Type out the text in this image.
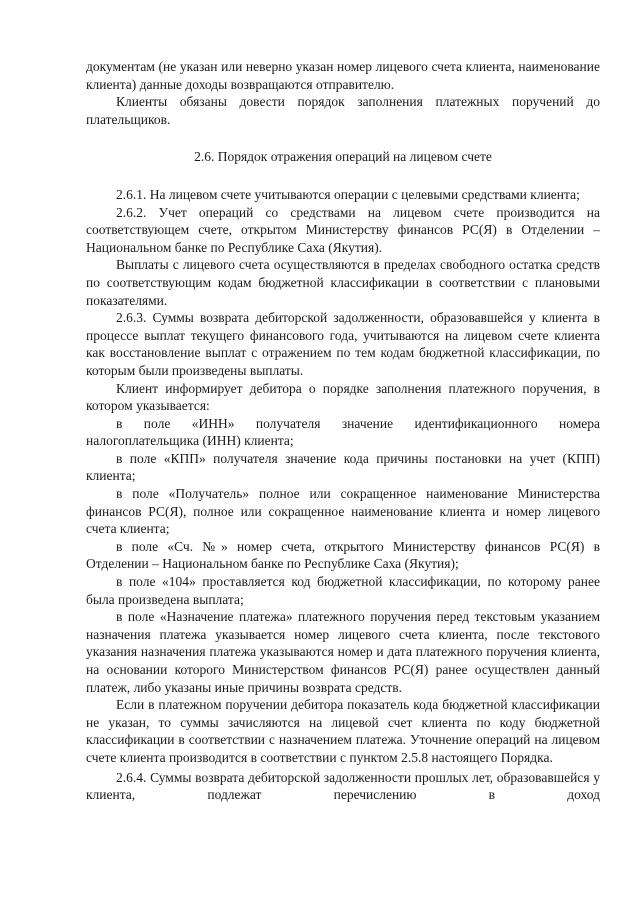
документам (не указан или неверно указан номер лицевого счета клиента, наименование клиента) данные доходы возвращаются отправителю.

Клиенты обязаны довести порядок заполнения платежных поручений до плательщиков.

2.6. Порядок отражения операций на лицевом счете

2.6.1. На лицевом счете учитываются операции с целевыми средствами клиента;

2.6.2. Учет операций со средствами на лицевом счете производится на соответствующем счете, открытом Министерству финансов РС(Я) в Отделении – Национальном банке по Республике Саха (Якутия).

Выплаты с лицевого счета осуществляются в пределах свободного остатка средств по соответствующим кодам бюджетной классификации в соответствии с плановыми показателями.

2.6.3. Суммы возврата дебиторской задолженности, образовавшейся у клиента в процессе выплат текущего финансового года, учитываются на лицевом счете клиента как восстановление выплат с отражением по тем кодам бюджетной классификации, по которым были произведены выплаты.

Клиент информирует дебитора о порядке заполнения платежного поручения, в котором указывается:

в поле «ИНН» получателя значение идентификационного номера налогоплательщика (ИНН) клиента;

в поле «КПП» получателя значение кода причины постановки на учет (КПП) клиента;

в поле «Получатель» полное или сокращенное наименование Министерства финансов РС(Я), полное или сокращенное наименование клиента и номер лицевого счета клиента;

в поле «Сч. №» номер счета, открытого Министерству финансов РС(Я) в Отделении – Национальном банке по Республике Саха (Якутия);

в поле «104» проставляется код бюджетной классификации, по которому ранее была произведена выплата;

в поле «Назначение платежа» платежного поручения перед текстовым указанием назначения платежа указывается номер лицевого счета клиента, после текстового указания назначения платежа указываются номер и дата платежного поручения клиента, на основании которого Министерством финансов РС(Я) ранее осуществлен данный платеж, либо указаны иные причины возврата средств.

Если в платежном поручении дебитора показатель кода бюджетной классификации не указан, то суммы зачисляются на лицевой счет клиента по коду бюджетной классификации в соответствии с назначением платежа. Уточнение операций на лицевом счете клиента производится в соответствии с пунктом 2.5.8 настоящего Порядка.

2.6.4. Суммы возврата дебиторской задолженности прошлых лет, образовавшейся у клиента, подлежат перечислению в доход
